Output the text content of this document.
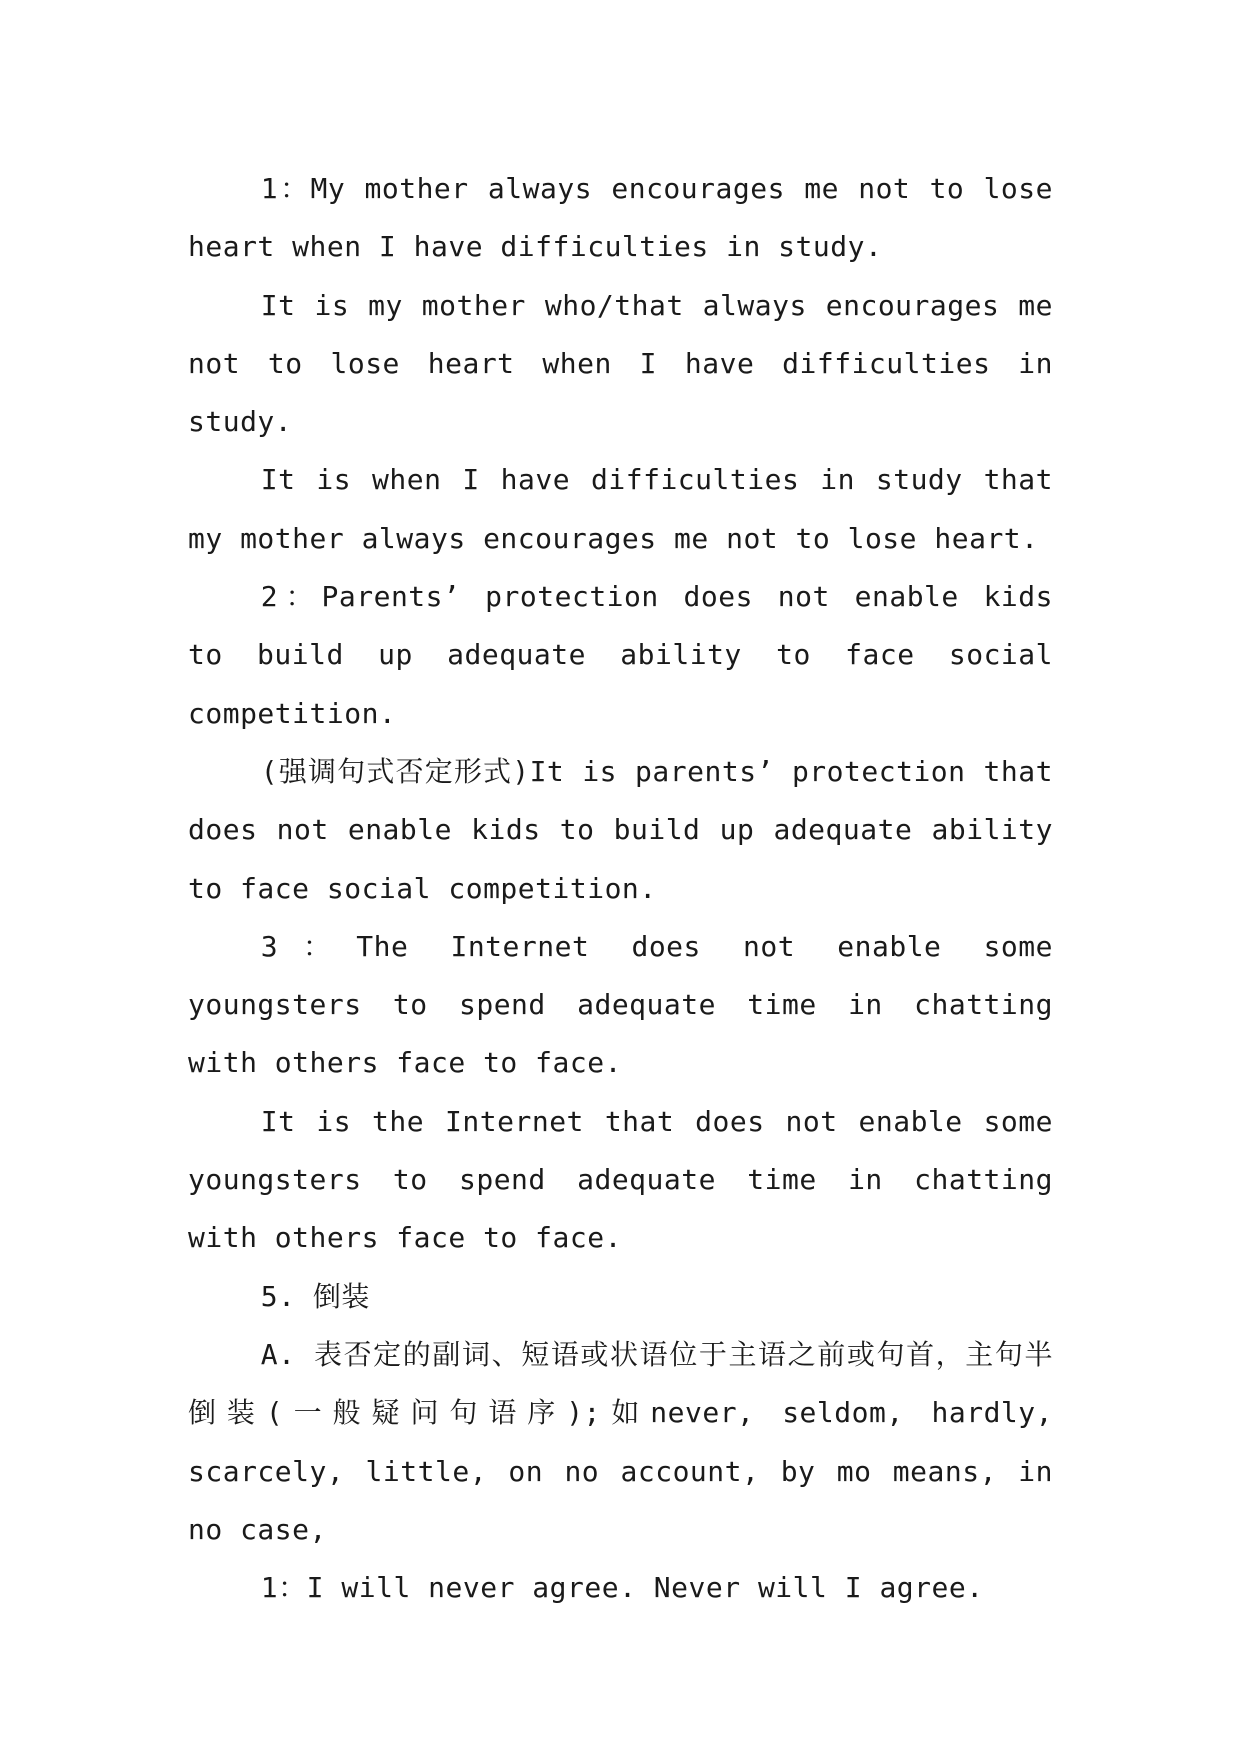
1：My mother always encourages me not to lose heart when I have difficulties in study.

It is my mother who/that always encourages me not to lose heart when I have difficulties in study.

It is when I have difficulties in study that my mother always encourages me not to lose heart.

2：Parents’ protection does not enable kids to build up adequate ability to face social competition.

(强调句式否定形式)It is parents’ protection that does not enable kids to build up adequate ability to face social competition.

3：The Internet does not enable some youngsters to spend adequate time in chatting with others face to face.

It is the Internet that does not enable some youngsters to spend adequate time in chatting with others face to face.

5. 倒装

A. 表否定的副词、短语或状语位于主语之前或句首，主句半倒装(一般疑问句语序);如never, seldom, hardly, scarcely, little, on no account, by mo means, in no case,

1：I will never agree. Never will I agree.
